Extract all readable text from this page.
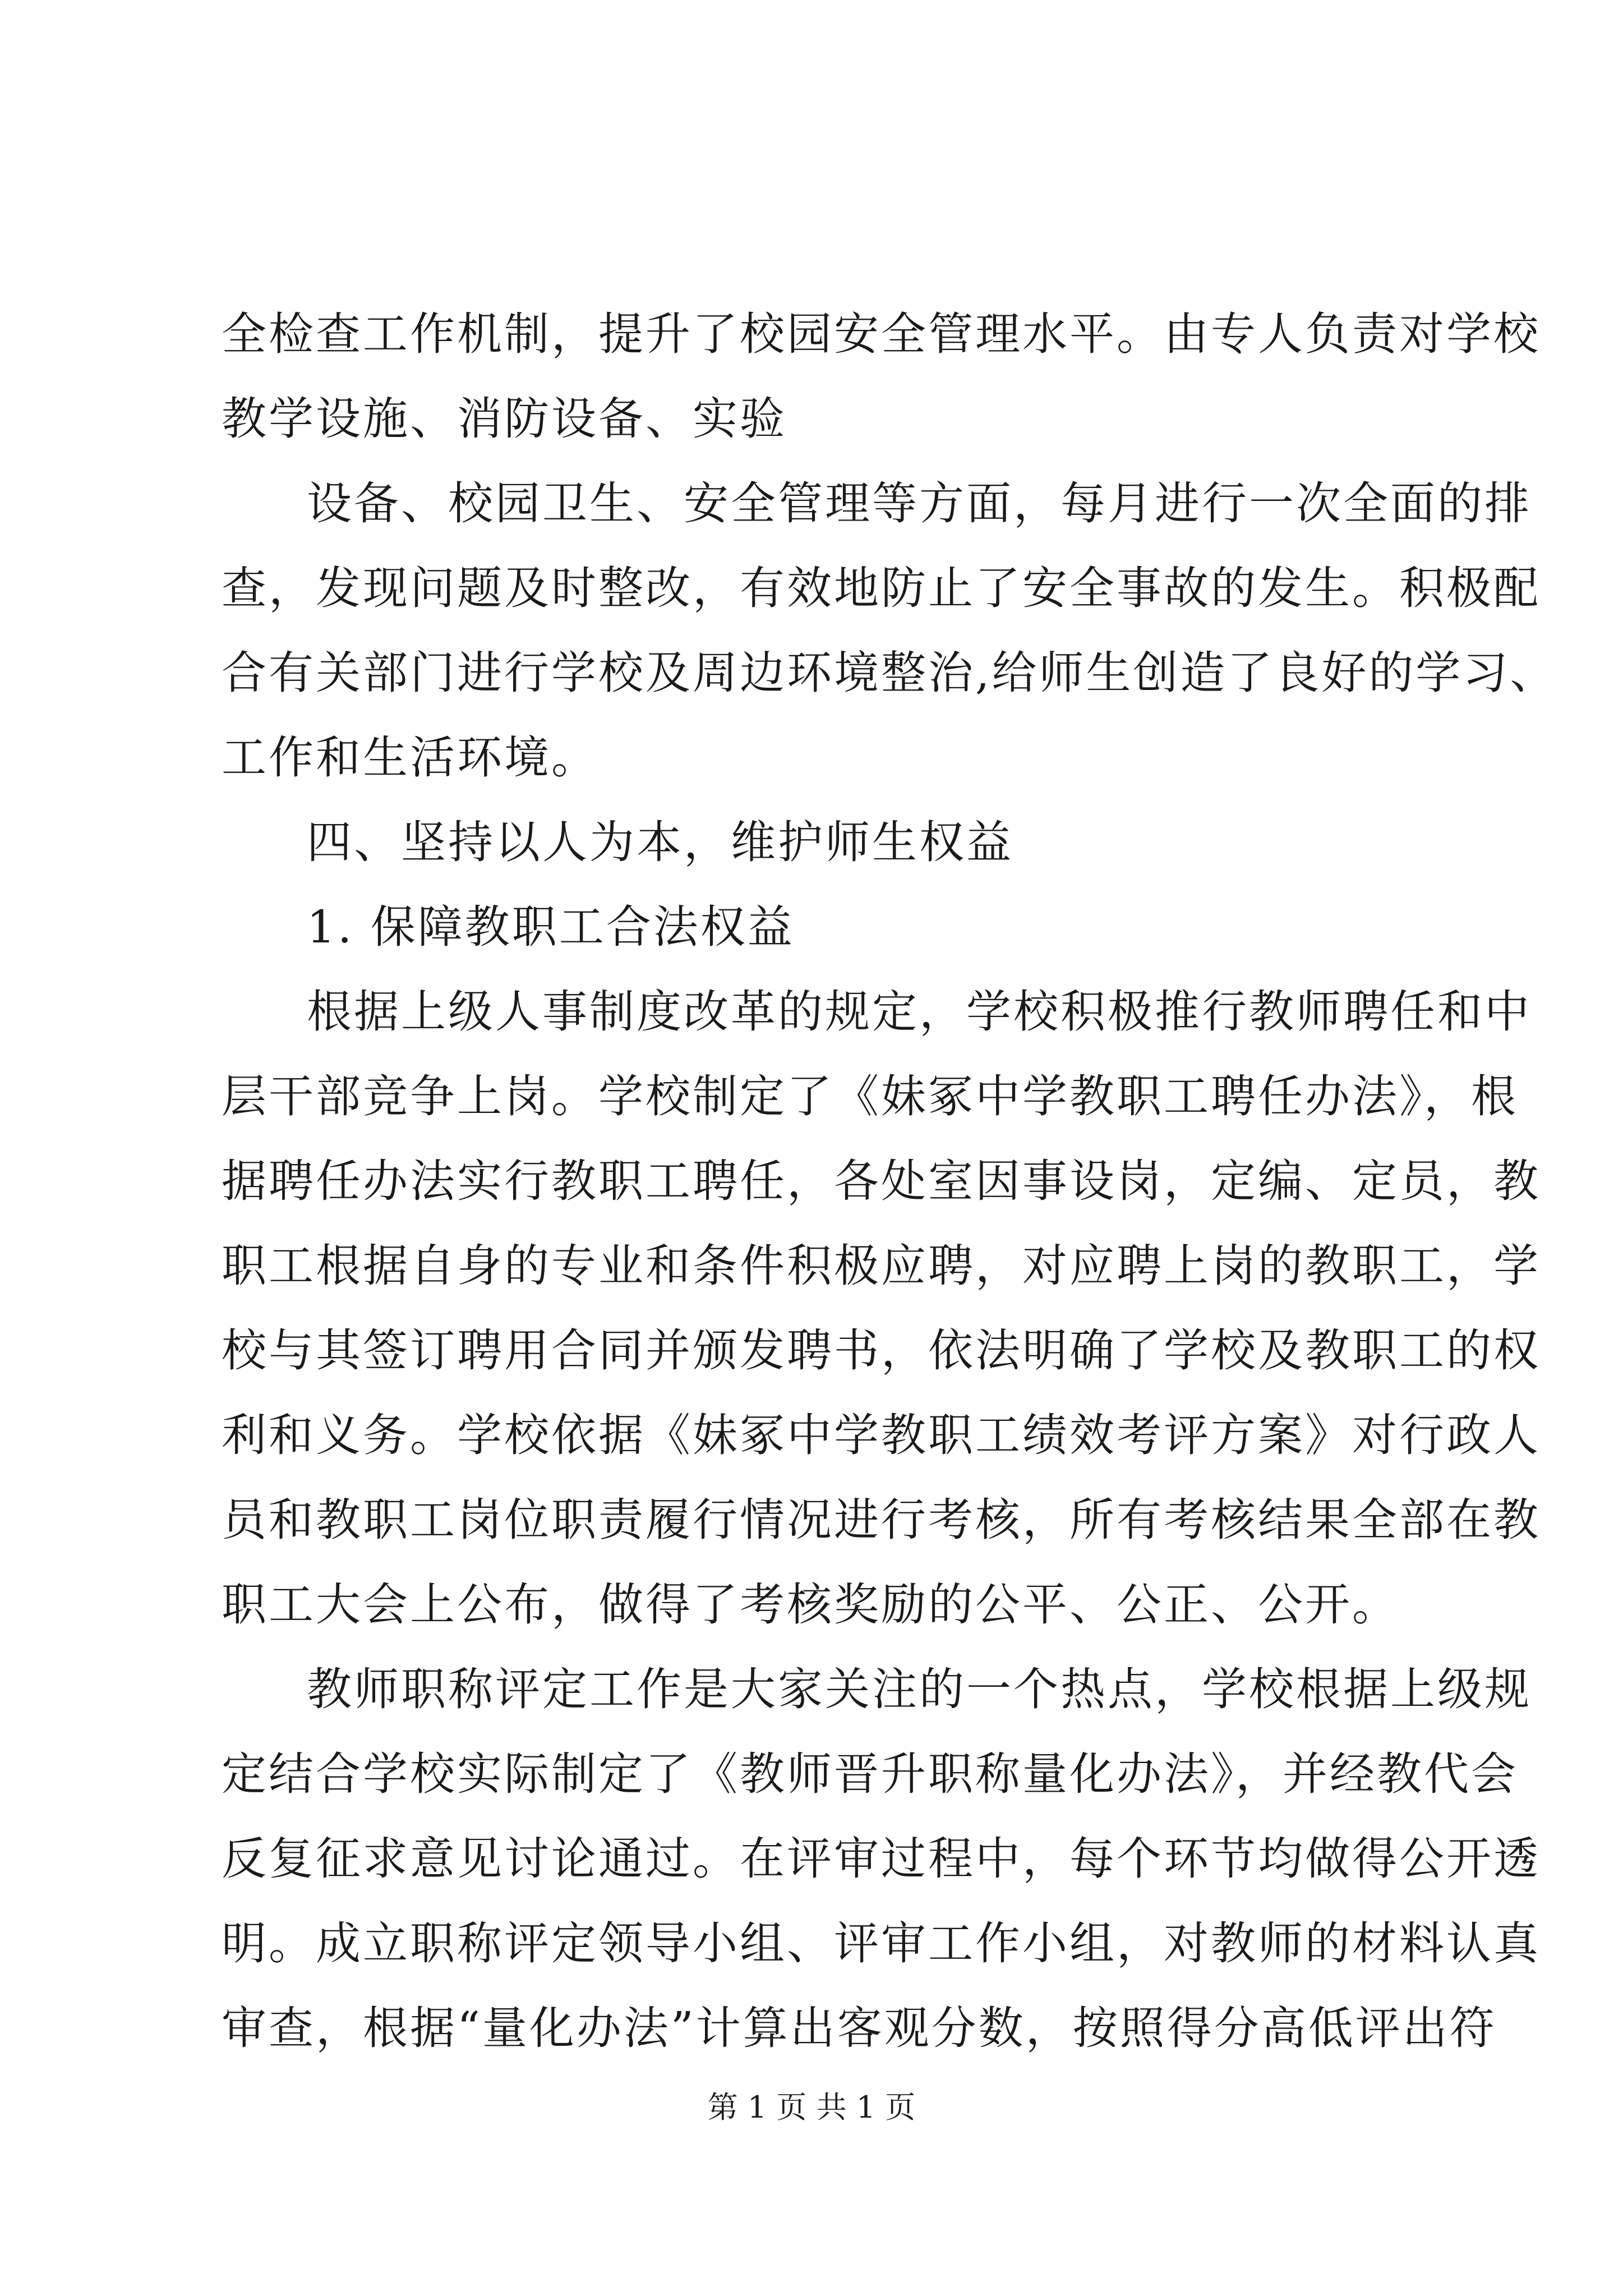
全检查工作机制，提升了校园安全管理水平。由专人负责对学校
教学设施、消防设备、实验
设备、校园卫生、安全管理等方面，每月进行一次全面的排
查，发现问题及时整改，有效地防止了安全事故的发生。积极配
合有关部门进行学校及周边环境整治,给师生创造了良好的学习、
工作和生活环境。
四、坚持以人为本，维护师生权益
1. 保障教职工合法权益
根据上级人事制度改革的规定，学校积极推行教师聘任和中
层干部竞争上岗。学校制定了《妹冢中学教职工聘任办法》，根
据聘任办法实行教职工聘任，各处室因事设岗，定编、定员，教
职工根据自身的专业和条件积极应聘，对应聘上岗的教职工，学
校与其签订聘用合同并颁发聘书，依法明确了学校及教职工的权
利和义务。学校依据《妹冢中学教职工绩效考评方案》对行政人
员和教职工岗位职责履行情况进行考核，所有考核结果全部在教
职工大会上公布，做得了考核奖励的公平、公正、公开。
教师职称评定工作是大家关注的一个热点，学校根据上级规
定结合学校实际制定了《教师晋升职称量化办法》，并经教代会
反复征求意见讨论通过。在评审过程中，每个环节均做得公开透
明。成立职称评定领导小组、评审工作小组，对教师的材料认真
审查，根据“量化办法”计算出客观分数，按照得分高低评出符
第 1 页 共 1 页
